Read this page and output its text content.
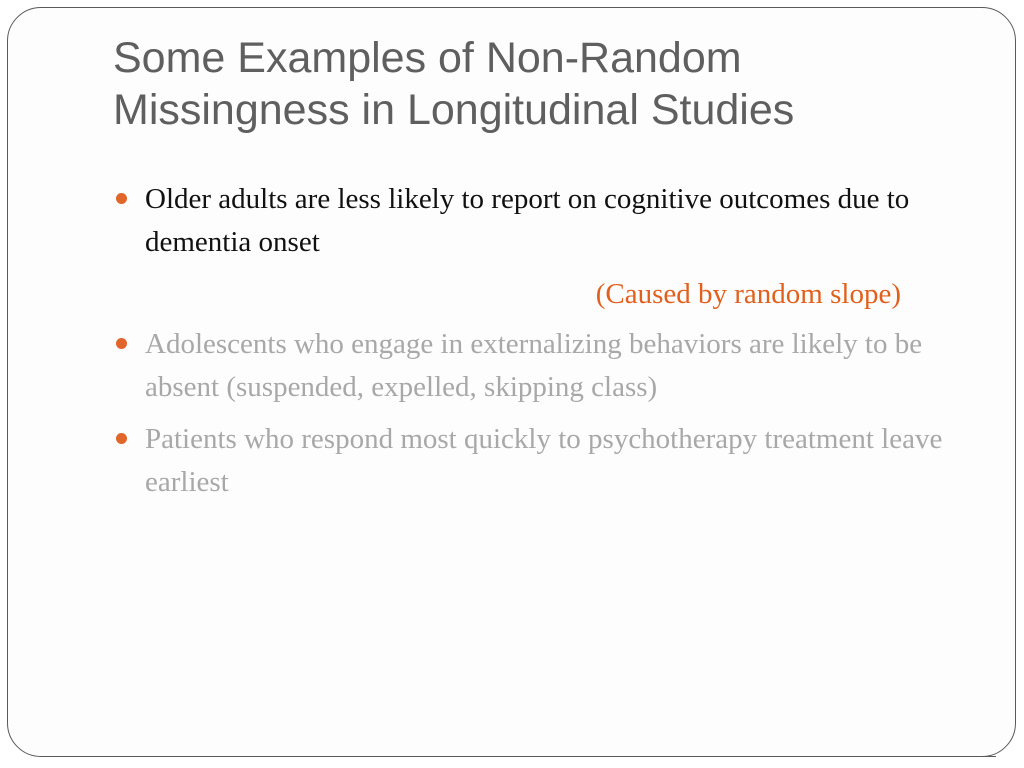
Some Examples of Non-Random Missingness in Longitudinal Studies
Older adults are less likely to report on cognitive outcomes due to dementia onset
(Caused by random slope)
Adolescents who engage in externalizing behaviors are likely to be absent (suspended, expelled, skipping class)
Patients who respond most quickly to psychotherapy treatment leave earliest
